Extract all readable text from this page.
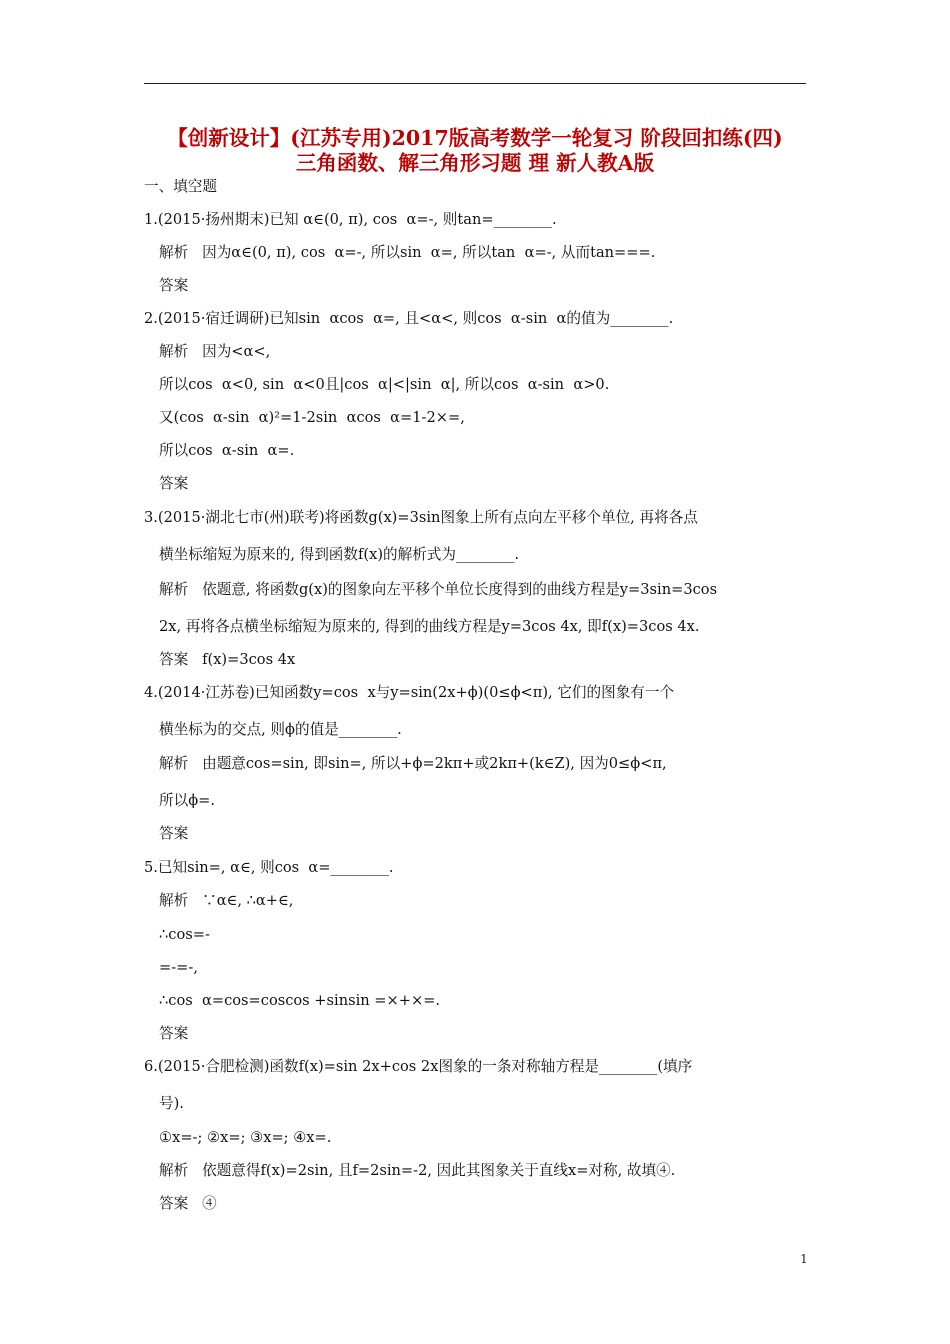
【创新设计】(江苏专用)2017版高考数学一轮复习 阶段回扣练(四)
三角函数、解三角形习题 理 新人教A版
一、填空题
1.(2015·扬州期末)已知 α∈(0, π), cos  α=-, 则tan=________.
解析   因为α∈(0, π), cos  α=-, 所以sin  α=, 所以tan  α=-, 从而tan===.
答案
2.(2015·宿迁调研)已知sin  αcos  α=, 且<α<, 则cos  α-sin  α的值为________.
解析   因为<α<,
所以cos  α<0, sin  α<0且|cos  α|<|sin  α|, 所以cos  α-sin  α>0.
又(cos  α-sin  α)²=1-2sin  αcos  α=1-2×=,
所以cos  α-sin  α=.
答案
3.(2015·湖北七市(州)联考)将函数g(x)=3sin图象上所有点向左平移个单位, 再将各点
横坐标缩短为原来的, 得到函数f(x)的解析式为________.
解析   依题意, 将函数g(x)的图象向左平移个单位长度得到的曲线方程是y=3sin=3cos
2x, 再将各点横坐标缩短为原来的, 得到的曲线方程是y=3cos 4x, 即f(x)=3cos 4x.
答案   f(x)=3cos 4x
4.(2014·江苏卷)已知函数y=cos  x与y=sin(2x+ϕ)(0≤ϕ<π), 它们的图象有一个
横坐标为的交点, 则ϕ的值是________.
解析   由题意cos=sin, 即sin=, 所以+ϕ=2kπ+或2kπ+(k∈Z), 因为0≤ϕ<π,
所以ϕ=.
答案
5.已知sin=, α∈, 则cos  α=________.
解析   ∵α∈, ∴α+∈,
∴cos=-
=-=-,
∴cos  α=cos=coscos +sinsin =×+×=.
答案
6.(2015·合肥检测)函数f(x)=sin 2x+cos 2x图象的一条对称轴方程是________(填序
号).
①x=-; ②x=; ③x=; ④x=.
解析   依题意得f(x)=2sin, 且f=2sin=-2, 因此其图象关于直线x=对称, 故填④.
答案   ④
1
